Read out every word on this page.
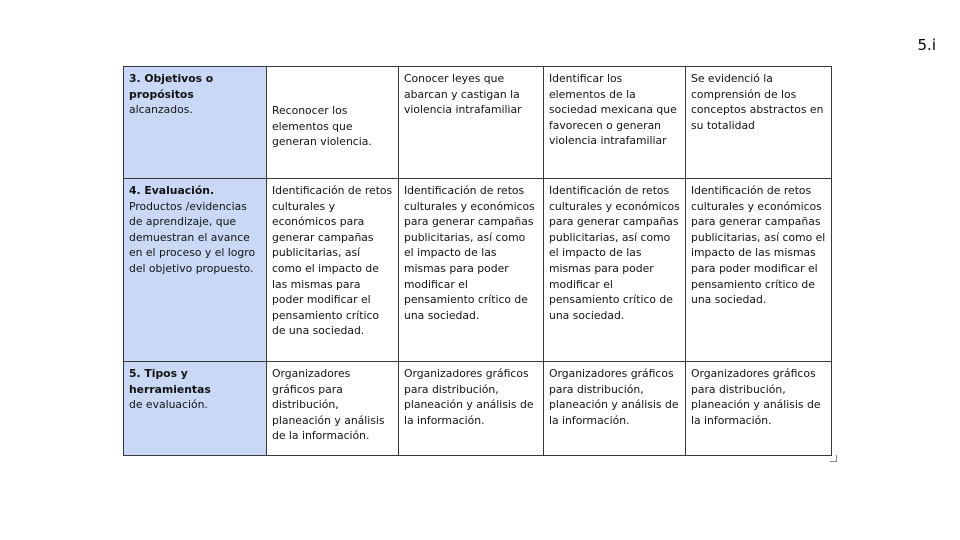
5.i
3. Objetivos o propósitos
alcanzados.	Reconocer los elementos que generan violencia.	Conocer leyes que abarcan y castigan la violencia intrafamiliar	Identificar los elementos de la sociedad mexicana que favorecen o generan violencia intrafamiliar	Se evidenció la comprensión de los conceptos abstractos en su totalidad

4. Evaluación.
Productos /evidencias de aprendizaje, que demuestran el avance en el proceso y el logro del objetivo propuesto.	Identificación de retos culturales y económicos para generar campañas publicitarias, así como el impacto de las mismas para poder modificar el pensamiento crítico de una sociedad.	Identificación de retos culturales y económicos para generar campañas publicitarias, así como el impacto de las mismas para poder modificar el pensamiento crítico de una sociedad.	Identificación de retos culturales y económicos para generar campañas publicitarias, así como el impacto de las mismas para poder modificar el pensamiento crítico de una sociedad.	Identificación de retos culturales y económicos para generar campañas publicitarias, así como el impacto de las mismas para poder modificar el pensamiento crítico de una sociedad.

5. Tipos y herramientas
de evaluación.	Organizadores gráficos para distribución, planeación y análisis de la información.	Organizadores gráficos para distribución, planeación y análisis de la información.	Organizadores gráficos para distribución, planeación y análisis de la información.	Organizadores gráficos para distribución, planeación y análisis de la información.
